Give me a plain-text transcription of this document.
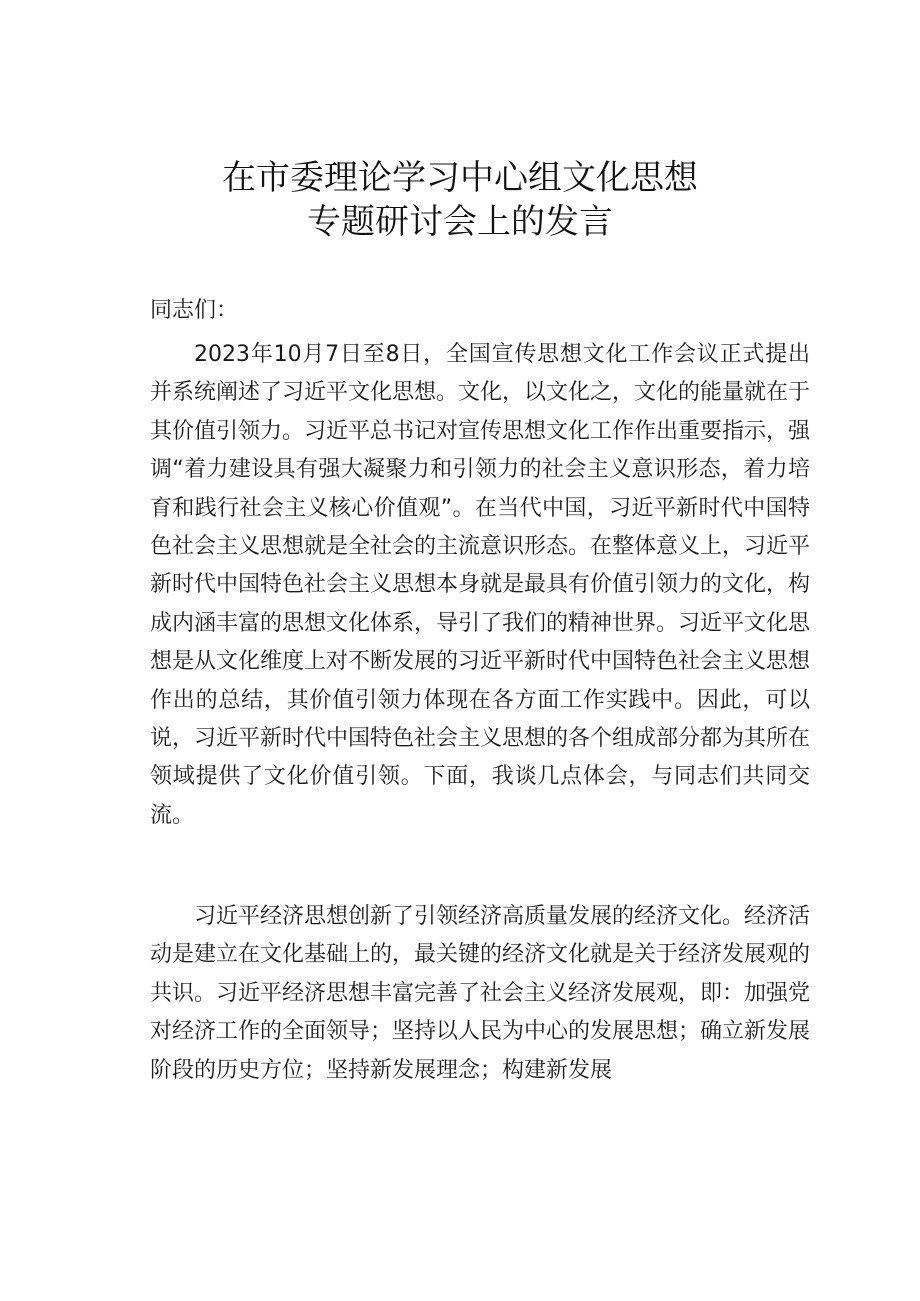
在市委理论学习中心组文化思想
专题研讨会上的发言
同志们：

2023年10月7日至8日，全国宣传思想文化工作会议正式提出并系统阐述了习近平文化思想。文化，以文化之，文化的能量就在于其价值引领力。习近平总书记对宣传思想文化工作作出重要指示，强调“着力建设具有强大凝聚力和引领力的社会主义意识形态，着力培育和践行社会主义核心价值观”。在当代中国，习近平新时代中国特色社会主义思想就是全社会的主流意识形态。在整体意义上，习近平新时代中国特色社会主义思想本身就是最具有价值引领力的文化，构成内涵丰富的思想文化体系，导引了我们的精神世界。习近平文化思想是从文化维度上对不断发展的习近平新时代中国特色社会主义思想作出的总结，其价值引领力体现在各方面工作实践中。因此，可以说，习近平新时代中国特色社会主义思想的各个组成部分都为其所在领域提供了文化价值引领。下面，我谈几点体会，与同志们共同交流。

习近平经济思想创新了引领经济高质量发展的经济文化。经济活动是建立在文化基础上的，最关键的经济文化就是关于经济发展观的共识。习近平经济思想丰富完善了社会主义经济发展观，即：加强党对经济工作的全面领导；坚持以人民为中心的发展思想；确立新发展阶段的历史方位；坚持新发展理念；构建新发展
